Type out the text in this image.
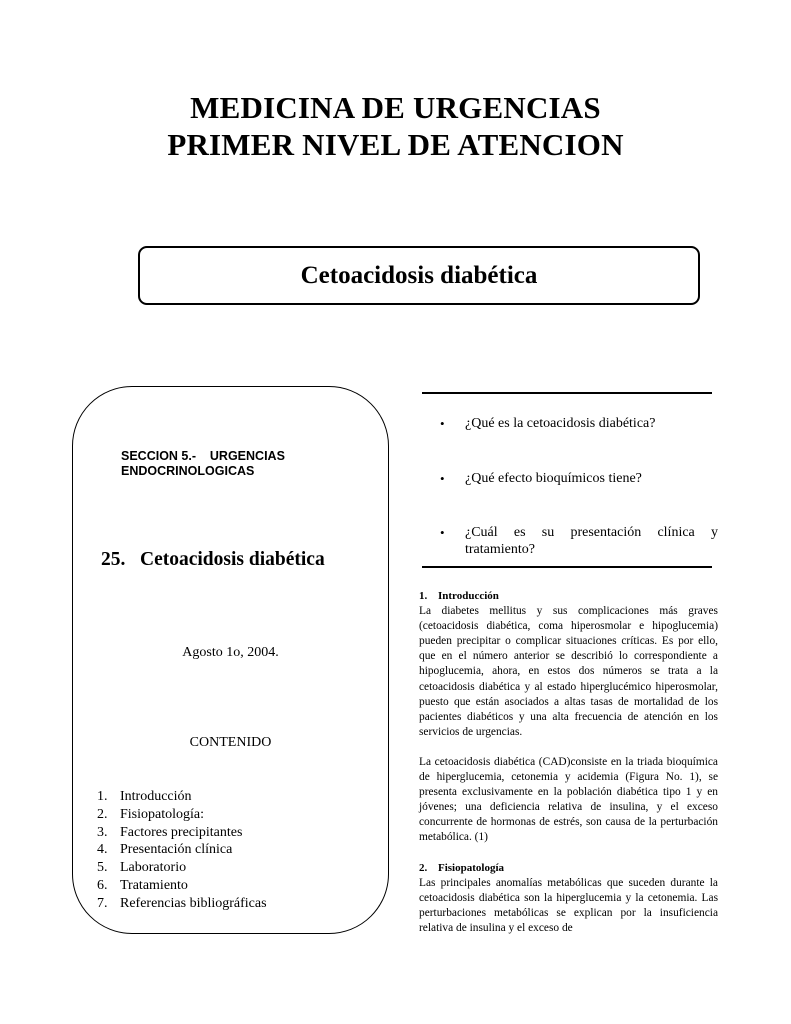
MEDICINA DE URGENCIAS
PRIMER NIVEL DE ATENCION
Cetoacidosis diabética
SECCION 5.-    URGENCIAS
ENDOCRINOLOGICAS
25.   Cetoacidosis diabética
Agosto 1o, 2004.
CONTENIDO
1. Introducción
2. Fisiopatología:
3. Factores precipitantes
4. Presentación clínica
5. Laboratorio
6. Tratamiento
7. Referencias bibliográficas
•	¿Qué es la cetoacidosis diabética?
•	¿Qué efecto bioquímicos tiene?
•	¿Cuál es su presentación clínica y tratamiento?
1. Introducción

La diabetes mellitus y sus complicaciones más graves (cetoacidosis diabética, coma hiperosmolar e hipoglucemia) pueden precipitar o complicar situaciones críticas. Es por ello, que en el número anterior se describió lo correspondiente a hipoglucemia, ahora, en estos dos números se trata a la cetoacidosis diabética y al estado hiperglucémico hiperosmolar, puesto que están asociados a altas tasas de mortalidad de los pacientes diabéticos y una alta frecuencia de atención en los servicios de urgencias.

La cetoacidosis diabética (CAD)consiste en la triada bioquímica de hiperglucemia, cetonemia y acidemia (Figura No. 1), se presenta exclusivamente en la población diabética tipo 1 y en jóvenes; una deficiencia relativa de insulina, y el exceso concurrente de hormonas de estrés, son causa de la perturbación metabólica. (1)

2. Fisiopatología

Las principales anomalías metabólicas que suceden durante la cetoacidosis diabética son la hiperglucemia y la cetonemia. Las perturbaciones metabólicas se explican por la insuficiencia relativa de insulina y el exceso de
